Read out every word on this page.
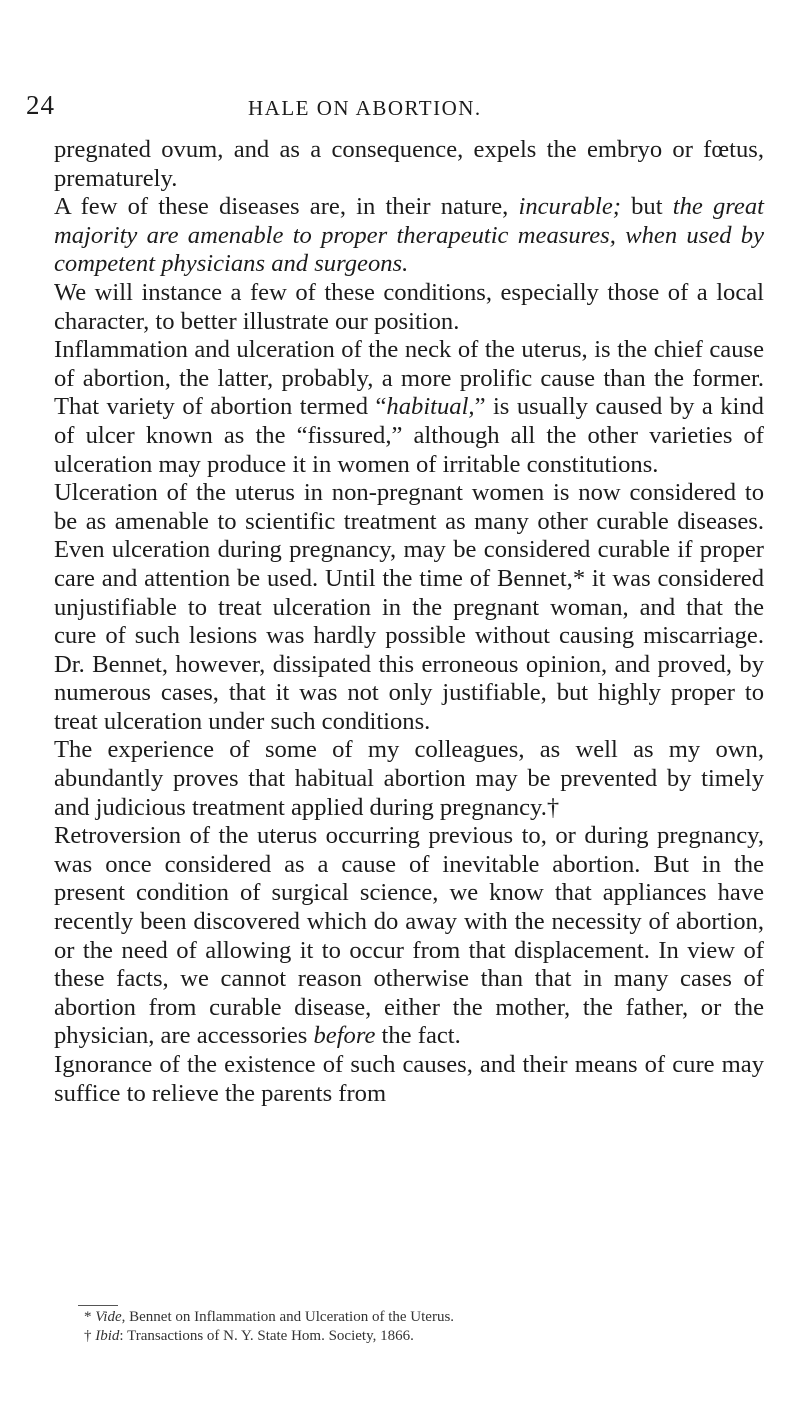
24	HALE ON ABORTION.

pregnated ovum, and as a consequence, expels the embryo or fœtus, prematurely.

A few of these diseases are, in their nature, incurable; but the great majority are amenable to proper therapeutic measures, when used by competent physicians and surgeons.

We will instance a few of these conditions, especially those of a local character, to better illustrate our position.

Inflammation and ulceration of the neck of the uterus, is the chief cause of abortion, the latter, probably, a more prolific cause than the former. That variety of abortion termed “habitual,” is usually caused by a kind of ulcer known as the “fissured,” although all the other varieties of ulceration may produce it in women of irritable constitutions.

Ulceration of the uterus in non-pregnant women is now considered to be as amenable to scientific treatment as many other curable diseases. Even ulceration during pregnancy, may be considered curable if proper care and attention be used. Until the time of Bennet,* it was considered unjustifiable to treat ulceration in the pregnant woman, and that the cure of such lesions was hardly possible without causing miscarriage. Dr. Bennet, however, dissipated this erroneous opinion, and proved, by numerous cases, that it was not only justifiable, but highly proper to treat ulceration under such conditions.

The experience of some of my colleagues, as well as my own, abundantly proves that habitual abortion may be prevented by timely and judicious treatment applied during pregnancy.†

Retroversion of the uterus occurring previous to, or during pregnancy, was once considered as a cause of inevitable abortion. But in the present condition of surgical science, we know that appliances have recently been discovered which do away with the necessity of abortion, or the need of allowing it to occur from that displacement. In view of these facts, we cannot reason otherwise than that in many cases of abortion from curable disease, either the mother, the father, or the physician, are accessories before the fact.

Ignorance of the existence of such causes, and their means of cure may suffice to relieve the parents from

* Vide, Bennet on Inflammation and Ulceration of the Uterus.
† Ibid: Transactions of N. Y. State Hom. Society, 1866.
